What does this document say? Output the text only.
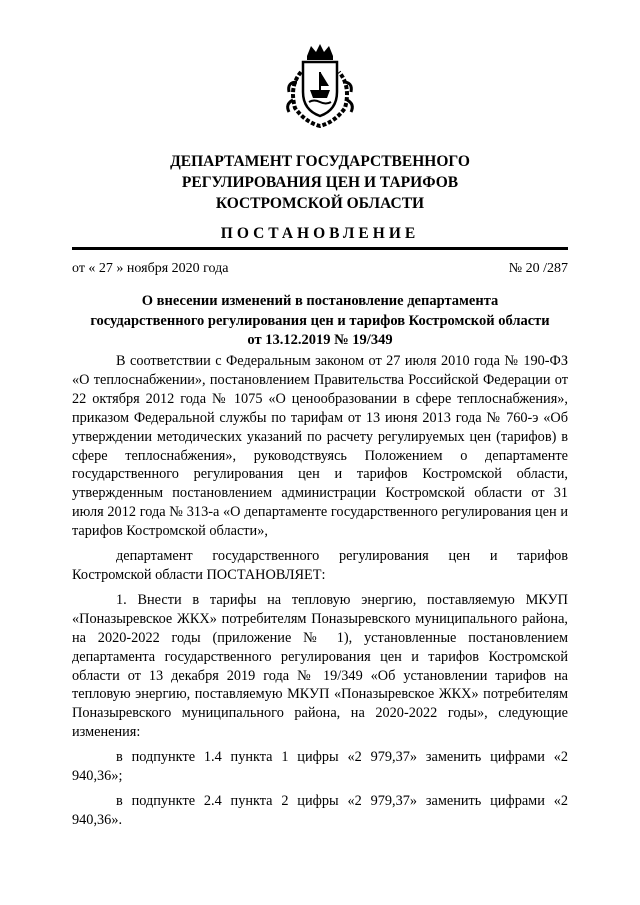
ДЕПАРТАМЕНТ ГОСУДАРСТВЕННОГО
РЕГУЛИРОВАНИЯ ЦЕН И ТАРИФОВ
КОСТРОМСКОЙ ОБЛАСТИ
ПОСТАНОВЛЕНИЕ
от « 27 » ноября 2020 года	№ 20 /287
О внесении изменений в постановление департамента
государственного регулирования цен и тарифов Костромской области
от 13.12.2019 № 19/349

В соответствии с Федеральным законом от 27 июля 2010 года № 190-ФЗ «О теплоснабжении», постановлением Правительства Российской Федерации от 22 октября 2012 года № 1075 «О ценообразовании в сфере теплоснабжения», приказом Федеральной службы по тарифам от 13 июня 2013 года № 760-э «Об утверждении методических указаний по расчету регулируемых цен (тарифов) в сфере теплоснабжения», руководствуясь Положением о департаменте государственного регулирования цен и тарифов Костромской области, утвержденным постановлением администрации Костромской области от 31 июля 2012 года № 313-а «О департаменте государственного регулирования цен и тарифов Костромской области»,

департамент государственного регулирования цен и тарифов Костромской области ПОСТАНОВЛЯЕТ:

1. Внести в тарифы на тепловую энергию, поставляемую МКУП «Поназыревское ЖКХ» потребителям Поназыревского муниципального района, на 2020-2022 годы (приложение № 1), установленные постановлением департамента государственного регулирования цен и тарифов Костромской области от 13 декабря 2019 года № 19/349 «Об установлении тарифов на тепловую энергию, поставляемую МКУП «Поназыревское ЖКХ» потребителям Поназыревского муниципального района, на 2020-2022 годы», следующие изменения:

в подпункте 1.4 пункта 1 цифры «2 979,37» заменить цифрами «2 940,36»;

в подпункте 2.4 пункта 2 цифры «2 979,37» заменить цифрами «2 940,36».
